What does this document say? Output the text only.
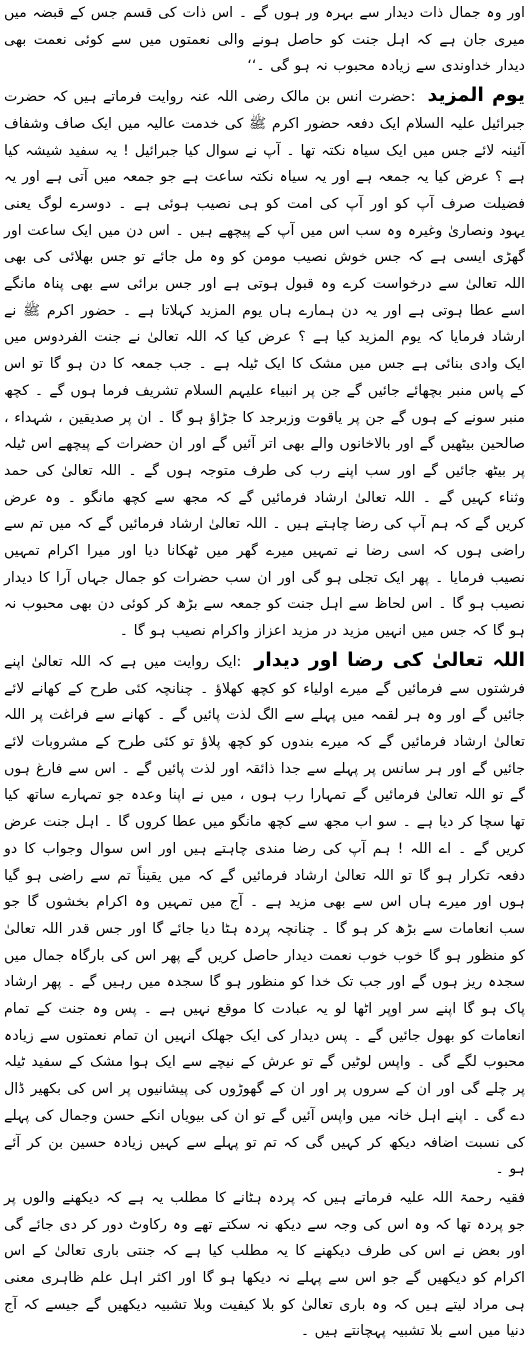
اور وہ جمال ذات دیدار سے بہرہ ور ہوں گے ۔ اس ذات کی قسم جس کے قبضہ میں میری جان ہے کہ اہل جنت کو حاصل ہونے والی نعمتوں میں سے کوئی نعمت بھی دیدار خداوندی سے زیادہ محبوب نہ ہو گی ۔‘‘

یوم المزید :حضرت انس بن مالک رضی اللہ عنہ روایت فرماتے ہیں کہ حضرت جبرائیل علیہ السلام ایک دفعہ حضور اکرم ﷺ کی خدمت عالیہ میں ایک صاف وشفاف آئینہ لائے جس میں ایک سیاہ نکتہ تھا ۔ آپ نے سوال کیا جبرائیل ! یہ سفید شیشہ کیا ہے ؟ عرض کیا یہ جمعہ ہے اور یہ سیاہ نکتہ ساعت ہے جو جمعہ میں آتی ہے اور یہ فضیلت صرف آپ کو اور آپ کی امت کو ہی نصیب ہوئی ہے ۔ دوسرے لوگ یعنی یہود ونصاریٰ وغیرہ وہ سب اس میں آپ کے پیچھے ہیں ۔ اس دن میں ایک ساعت اور گھڑی ایسی ہے کہ جس خوش نصیب مومن کو وہ مل جائے تو جس بھلائی کی بھی اللہ تعالیٰ سے درخواست کرے وہ قبول ہوتی ہے اور جس برائی سے بھی پناہ مانگے اسے عطا ہوتی ہے اور یہ دن ہمارے ہاں یوم المزید کہلاتا ہے ۔ حضور اکرم ﷺ نے ارشاد فرمایا کہ یوم المزید کیا ہے ؟ عرض کیا کہ اللہ تعالیٰ نے جنت الفردوس میں ایک وادی بنائی ہے جس میں مشک کا ایک ٹیلہ ہے ۔ جب جمعہ کا دن ہو گا تو اس کے پاس منبر بچھائے جائیں گے جن پر انبیاء علیہم السلام تشریف فرما ہوں گے ۔ کچھ منبر سونے کے ہوں گے جن پر یاقوت وزبرجد کا جڑاؤ ہو گا ۔ ان پر صدیقین ، شہداء ، صالحین بیٹھیں گے اور بالاخانوں والے بھی اتر آئیں گے اور ان حضرات کے پیچھے اس ٹیلہ پر بیٹھ جائیں گے اور سب اپنے رب کی طرف متوجہ ہوں گے ۔ اللہ تعالیٰ کی حمد وثناء کہیں گے ۔ اللہ تعالیٰ ارشاد فرمائیں گے کہ مجھ سے کچھ مانگو ۔ وہ عرض کریں گے کہ ہم آپ کی رضا چاہتے ہیں ۔ اللہ تعالیٰ ارشاد فرمائیں گے کہ میں تم سے راضی ہوں کہ اسی رضا نے تمہیں میرے گھر میں ٹھکانا دیا اور میرا اکرام تمہیں نصیب فرمایا ۔ پھر ایک تجلی ہو گی اور ان سب حضرات کو جمال جہاں آرا کا دیدار نصیب ہو گا ۔ اس لحاظ سے اہل جنت کو جمعہ سے بڑھ کر کوئی دن بھی محبوب نہ ہو گا کہ جس میں انہیں مزید در مزید اعزاز واکرام نصیب ہو گا ۔

اللہ تعالیٰ کی رضا اور دیدار :ایک روایت میں ہے کہ اللہ تعالیٰ اپنے فرشتوں سے فرمائیں گے میرے اولیاء کو کچھ کھلاؤ ۔ چنانچہ کئی طرح کے کھانے لائے جائیں گے اور وہ ہر لقمہ میں پہلے سے الگ لذت پائیں گے ۔ کھانے سے فراغت پر اللہ تعالیٰ ارشاد فرمائیں گے کہ میرے بندوں کو کچھ پلاؤ تو کئی طرح کے مشروبات لائے جائیں گے اور ہر سانس پر پہلے سے جدا ذائقہ اور لذت پائیں گے ۔ اس سے فارغ ہوں گے تو اللہ تعالیٰ فرمائیں گے تمہارا رب ہوں ، میں نے اپنا وعدہ جو تمہارے ساتھ کیا تھا سچا کر دیا ہے ۔ سو اب مجھ سے کچھ مانگو میں عطا کروں گا ۔ اہل جنت عرض کریں گے ۔ اے اللہ ! ہم آپ کی رضا مندی چاہتے ہیں اور اس سوال وجواب کا دو دفعہ تکرار ہو گا تو اللہ تعالیٰ ارشاد فرمائیں گے کہ میں یقیناً تم سے راضی ہو گیا ہوں اور میرے ہاں اس سے بھی مزید ہے ۔ آج میں تمہیں وہ اکرام بخشوں گا جو سب انعامات سے بڑھ کر ہو گا ۔ چنانچہ پردہ ہٹا دیا جائے گا اور جس قدر اللہ تعالیٰ کو منظور ہو گا خوب خوب نعمت دیدار حاصل کریں گے پھر اس کی بارگاہ جمال میں سجدہ ریز ہوں گے اور جب تک خدا کو منظور ہو گا سجدہ میں رہیں گے ۔ پھر ارشاد پاک ہو گا اپنے سر اوپر اٹھا لو یہ عبادت کا موقع نہیں ہے ۔ پس وہ جنت کے تمام انعامات کو بھول جائیں گے ۔ پس دیدار کی ایک جھلک انہیں ان تمام نعمتوں سے زیادہ محبوب لگے گی ۔ واپس لوٹیں گے تو عرش کے نیچے سے ایک ہوا مشک کے سفید ٹیلہ پر چلے گی اور ان کے سروں پر اور ان کے گھوڑوں کی پیشانیوں پر اس کی بکھیر ڈال دے گی ۔ اپنے اہل خانہ میں واپس آئیں گے تو ان کی بیویاں انکے حسن وجمال کی پہلے کی نسبت اضافہ دیکھ کر کہیں گی کہ تم تو پہلے سے کہیں زیادہ حسین بن کر آئے ہو ۔

فقیہ رحمۃ اللہ علیہ فرماتے ہیں کہ پردہ ہٹانے کا مطلب یہ ہے کہ دیکھنے والوں پر جو پردہ تھا کہ وہ اس کی وجہ سے دیکھ نہ سکتے تھے وہ رکاوٹ دور کر دی جائے گی اور بعض نے اس کی طرف دیکھنے کا یہ مطلب کیا ہے کہ جنتی باری تعالیٰ کے اس اکرام کو دیکھیں گے جو اس سے پہلے نہ دیکھا ہو گا اور اکثر اہل علم ظاہری معنی ہی مراد لیتے ہیں کہ وہ باری تعالیٰ کو بلا کیفیت وبلا تشبیہ دیکھیں گے جیسے کہ آج دنیا میں اسے بلا تشبیہ پہچانتے ہیں ۔
